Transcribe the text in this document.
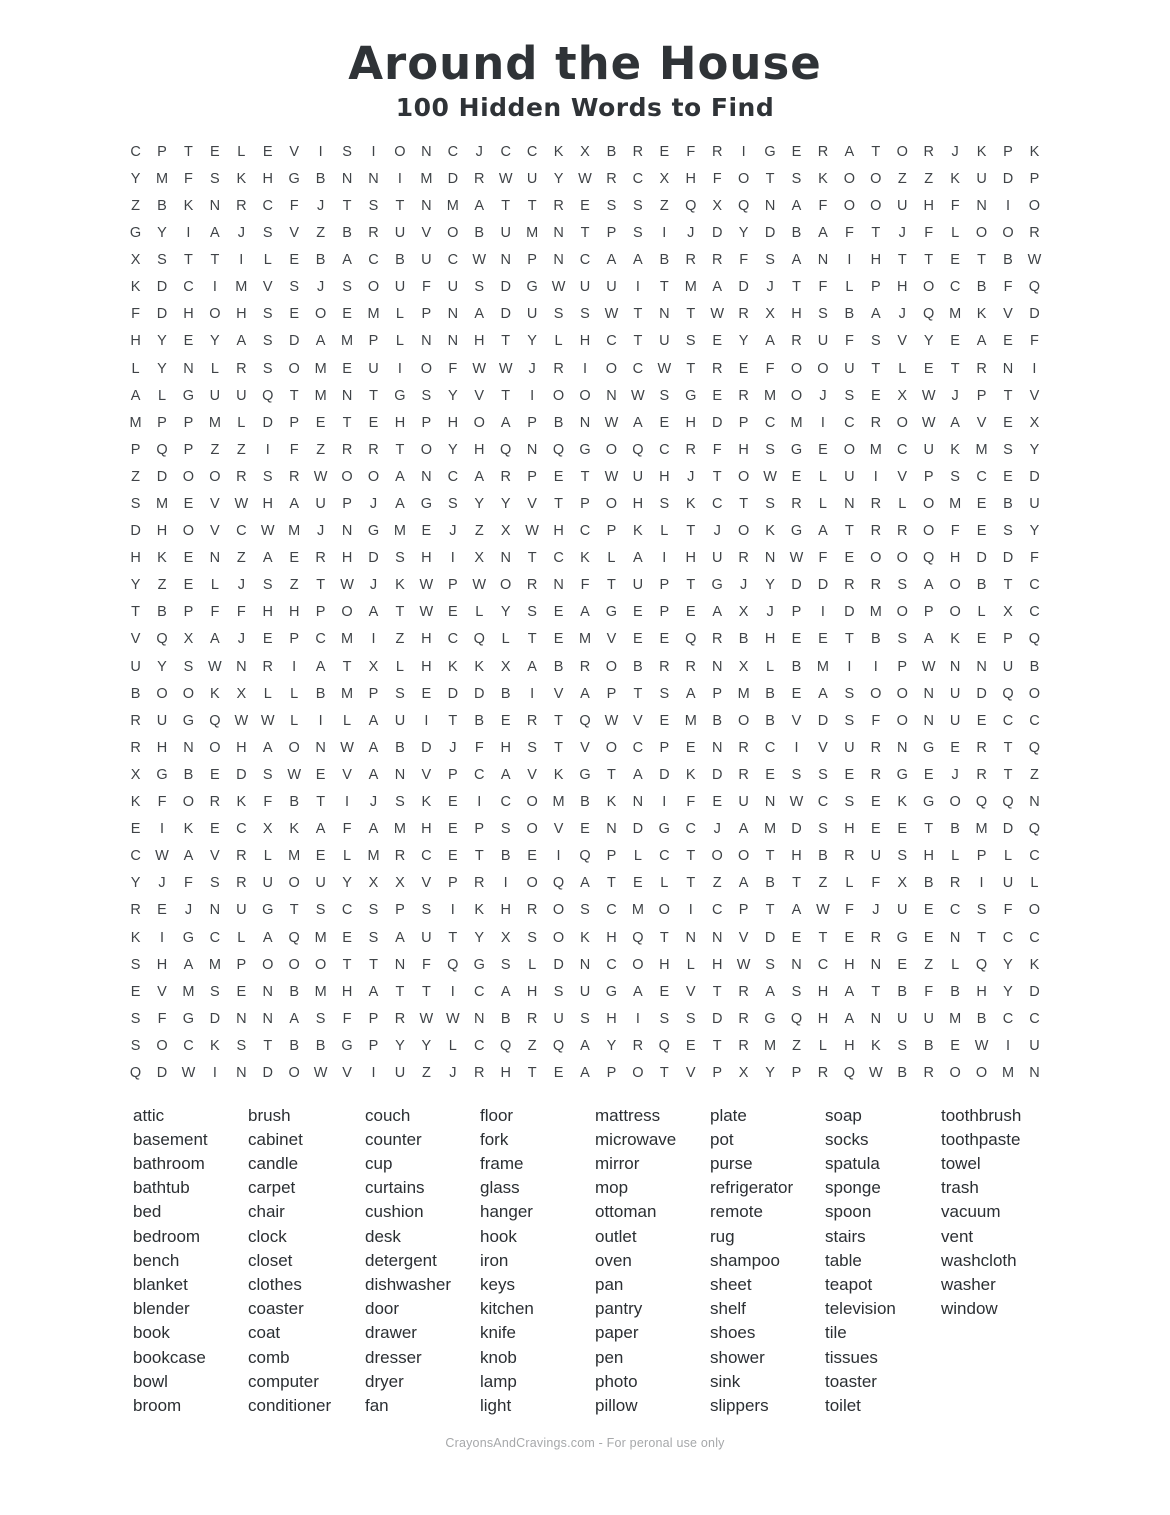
Around the House
100 Hidden Words to Find
C	P	T	E	L	E	V	I	S	I	O	N	C	J	C	C	K	X	B	R	E	F	R	I	G	E	R	A	T	O	R	J	K	P	K
Y	M	F	S	K	H	G	B	N	N	I	M	D	R W U	Y	W R	C	X	H	F	O	T	S	K	O	O	Z	Z	K	U	D	P
Z	B	K	N	R	C	F	J	T	S	T	N	M	A	T	T	R	E	S	S	Z	Q	X	Q	N	A	F	O	O	U	H	F	N	I	O
G	Y	I	A	J	S	V	Z	B	R	U	V	O	B	U	M	N	T	P	S	I	J	D	Y	D	B	A	F	T	J	F	L	O	O	R
X	S	T	T	I	L	E	B	A	C	B	U	C W N	P	N	C	A	A	B	R	R	F	S	A	N	I	H	T	T	E	T	B	W
K	D	C	I	M	V	S	J	S	O	U	F	U	S	D	G W U	U	I	T	M	A	D	J	T	F	L	P	H	O	C	B	F	Q
F	D	H	O	H	S	E	O	E	M	L	P	N	A	D	U	S	S	W	T	N	T	W R	X	H	S	B	A	J	Q	M	K	V	D
H	Y	E	Y	A	S	D	A	M	P	L	N	N	H	T	Y	L	H	C	T	U	S	E	Y	A	R	U	F	S	V	Y	E	A	E	F
L	Y	N	L	R	S	O	M	E	U	I	O	F	W W	J	R	I	O	C W	T	R	E	F	O	O	U	T	L	E	T	R	N	I
A	L	G	U	U	Q	T	M	N	T	G	S	Y	V	T	I	O	O	N W	S	G	E	R	M	O	J	S	E	X	W	J	P	T	V
M	P	P	M	L	D	P	E	T	E	H	P	H	O	A	P	B	N W	A	E	H	D	P	C	M	I	C	R	O W	A	V	E	X
P	Q	P	Z	Z	I	F	Z	R	R	T	O	Y	H	Q	N	Q	G	O	Q	C	R	F	H	S	G	E	O	M	C	U	K	M	S	Y
Z	D	O	O	R	S	R W O	O	A	N	C	A	R	P	E	T	W U	H	J	T	O W	E	L	U	I	V	P	S	C	E	D
S	M	E	V	W H	A	U	P	J	A	G	S	Y	Y	V	T	P	O	H	S	K	C	T	S	R	L	N	R	L	O	M	E	B	U
D	H	O	V	C W M	J	N	G	M	E	J	Z	X	W H	C	P	K	L	T	J	O	K	G	A	T	R	R	O	F	E	S	Y
H	K	E	N	Z	A	E	R	H	D	S	H	I	X	N	T	C	K	L	A	I	H	U	R	N W	F	E	O	O	Q	H	D	D	F
Y	Z	E	L	J	S	Z	T	W	J	K	W	P	W O	R	N	F	T	U	P	T	G	J	Y	D	D	R	R	S	A	O	B	T	C
T	B	P	F	F	H	H	P	O	A	T	W	E	L	Y	S	E	A	G	E	P	E	A	X	J	P	I	D	M	O	P	O	L	X	C
V	Q	X	A	J	E	P	C	M	I	Z	H	C	Q	L	T	E	M	V	E	E	Q	R	B	H	E	E	T	B	S	A	K	E	P	Q
U	Y	S	W N	R	I	A	T	X	L	H	K	K	X	A	B	R	O	B	R	R	N	X	L	B	M	I	I	P	W N	N	U	B
B	O	O	K	X	L	L	B	M	P	S	E	D	D	B	I	V	A	P	T	S	A	P	M	B	E	A	S	O	O	N	U	D	Q	O
R	U	G	Q W W	L	I	L	A	U	I	T	B	E	R	T	Q W	V	E	M	B	O	B	V	D	S	F	O	N	U	E	C	C
R	H	N	O	H	A	O	N W	A	B	D	J	F	H	S	T	V	O	C	P	E	N	R	C	I	V	U	R	N	G	E	R	T	Q
X	G	B	E	D	S	W	E	V	A	N	V	P	C	A	V	K	G	T	A	D	K	D	R	E	S	S	E	R	G	E	J	R	T	Z
K	F	O	R	K	F	B	T	I	J	S	K	E	I	C	O	M	B	K	N	I	F	E	U	N W C	S	E	K	G	O	Q	Q	N
E	I	K	E	C	X	K	A	F	A	M	H	E	P	S	O	V	E	N	D	G	C	J	A	M	D	S	H	E	E	T	B	M	D	Q
C W	A	V	R	L	M	E	L	M	R	C	E	T	B	E	I	Q	P	L	C	T	O	O	T	H	B	R	U	S	H	L	P	L	C
Y	J	F	S	R	U	O	U	Y	X	X	V	P	R	I	O	Q	A	T	E	L	T	Z	A	B	T	Z	L	F	X	B	R	I	U	L
R	E	J	N	U	G	T	S	C	S	P	S	I	K	H	R	O	S	C	M	O	I	C	P	T	A	W	F	J	U	E	C	S	F	O
K	I	G	C	L	A	Q	M	E	S	A	U	T	Y	X	S	O	K	H	Q	T	N	N	V	D	E	T	E	R	G	E	N	T	C	C
S	H	A	M	P	O	O	O	T	T	N	F	Q	G	S	L	D	N	C	O	H	L	H W	S	N	C	H	N	E	Z	L	Q	Y	K
E	V	M	S	E	N	B	M	H	A	T	T	I	C	A	H	S	U	G	A	E	V	T	R	A	S	H	A	T	B	F	B	H	Y	D
S	F	G	D	N	N	A	S	F	P	R W W N	B	R	U	S	H	I	S	S	D	R	G	Q	H	A	N	U	U	M	B	C	C
S	O	C	K	S	T	B	B	G	P	Y	Y	L	C	Q	Z	Q	A	Y	R	Q	E	T	R	M	Z	L	H	K	S	B	E	W	I	U
Q	D W	I	N	D	O W	V	I	U	Z	J	R	H	T	E	A	P	O	T	V	P	X	Y	P	R	Q W	B	R	O	O	M	N
attic
basement
bathroom
bathtub
bed
bedroom
bench
blanket
blender
book
bookcase
bowl
broom
brush
cabinet
candle
carpet
chair
clock
closet
clothes
coaster
coat
comb
computer
conditioner
couch
counter
cup
curtains
cushion
desk
detergent
dishwasher
door
drawer
dresser
dryer
fan
floor
fork
frame
glass
hanger
hook
iron
keys
kitchen
knife
knob
lamp
light
mattress
microwave
mirror
mop
ottoman
outlet
oven
pan
pantry
paper
pen
photo
pillow
plate
pot
purse
refrigerator
remote
rug
shampoo
sheet
shelf
shoes
shower
sink
slippers
soap
socks
spatula
sponge
spoon
stairs
table
teapot
television
tile
tissues
toaster
toilet
toothbrush
toothpaste
towel
trash
vacuum
vent
washcloth
washer
window
CrayonsAndCravings.com - For peronal use only
